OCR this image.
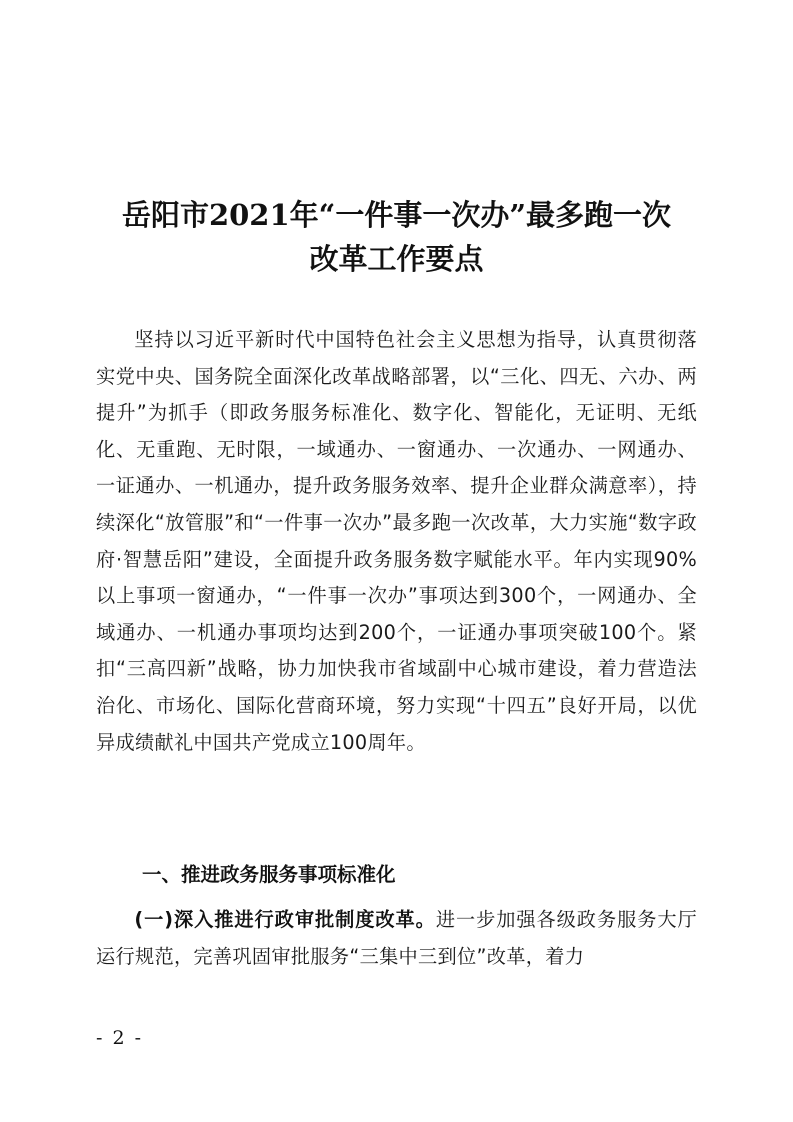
岳阳市2021年“一件事一次办”最多跑一次
改革工作要点

坚持以习近平新时代中国特色社会主义思想为指导，认真贯彻落实党中央、国务院全面深化改革战略部署，以“三化、四无、六办、两提升”为抓手（即政务服务标准化、数字化、智能化，无证明、无纸化、无重跑、无时限，一域通办、一窗通办、一次通办、一网通办、一证通办、一机通办，提升政务服务效率、提升企业群众满意率），持续深化“放管服”和“一件事一次办”最多跑一次改革，大力实施“数字政府·智慧岳阳”建设，全面提升政务服务数字赋能水平。年内实现90%以上事项一窗通办，“一件事一次办”事项达到300个，一网通办、全域通办、一机通办事项均达到200个，一证通办事项突破100个。紧扣“三高四新”战略，协力加快我市省域副中心城市建设，着力营造法治化、市场化、国际化营商环境，努力实现“十四五”良好开局，以优异成绩献礼中国共产党成立100周年。

一、推进政务服务事项标准化

(一)深入推进行政审批制度改革。进一步加强各级政务服务大厅运行规范，完善巩固审批服务“三集中三到位”改革，着力

- 2 -
